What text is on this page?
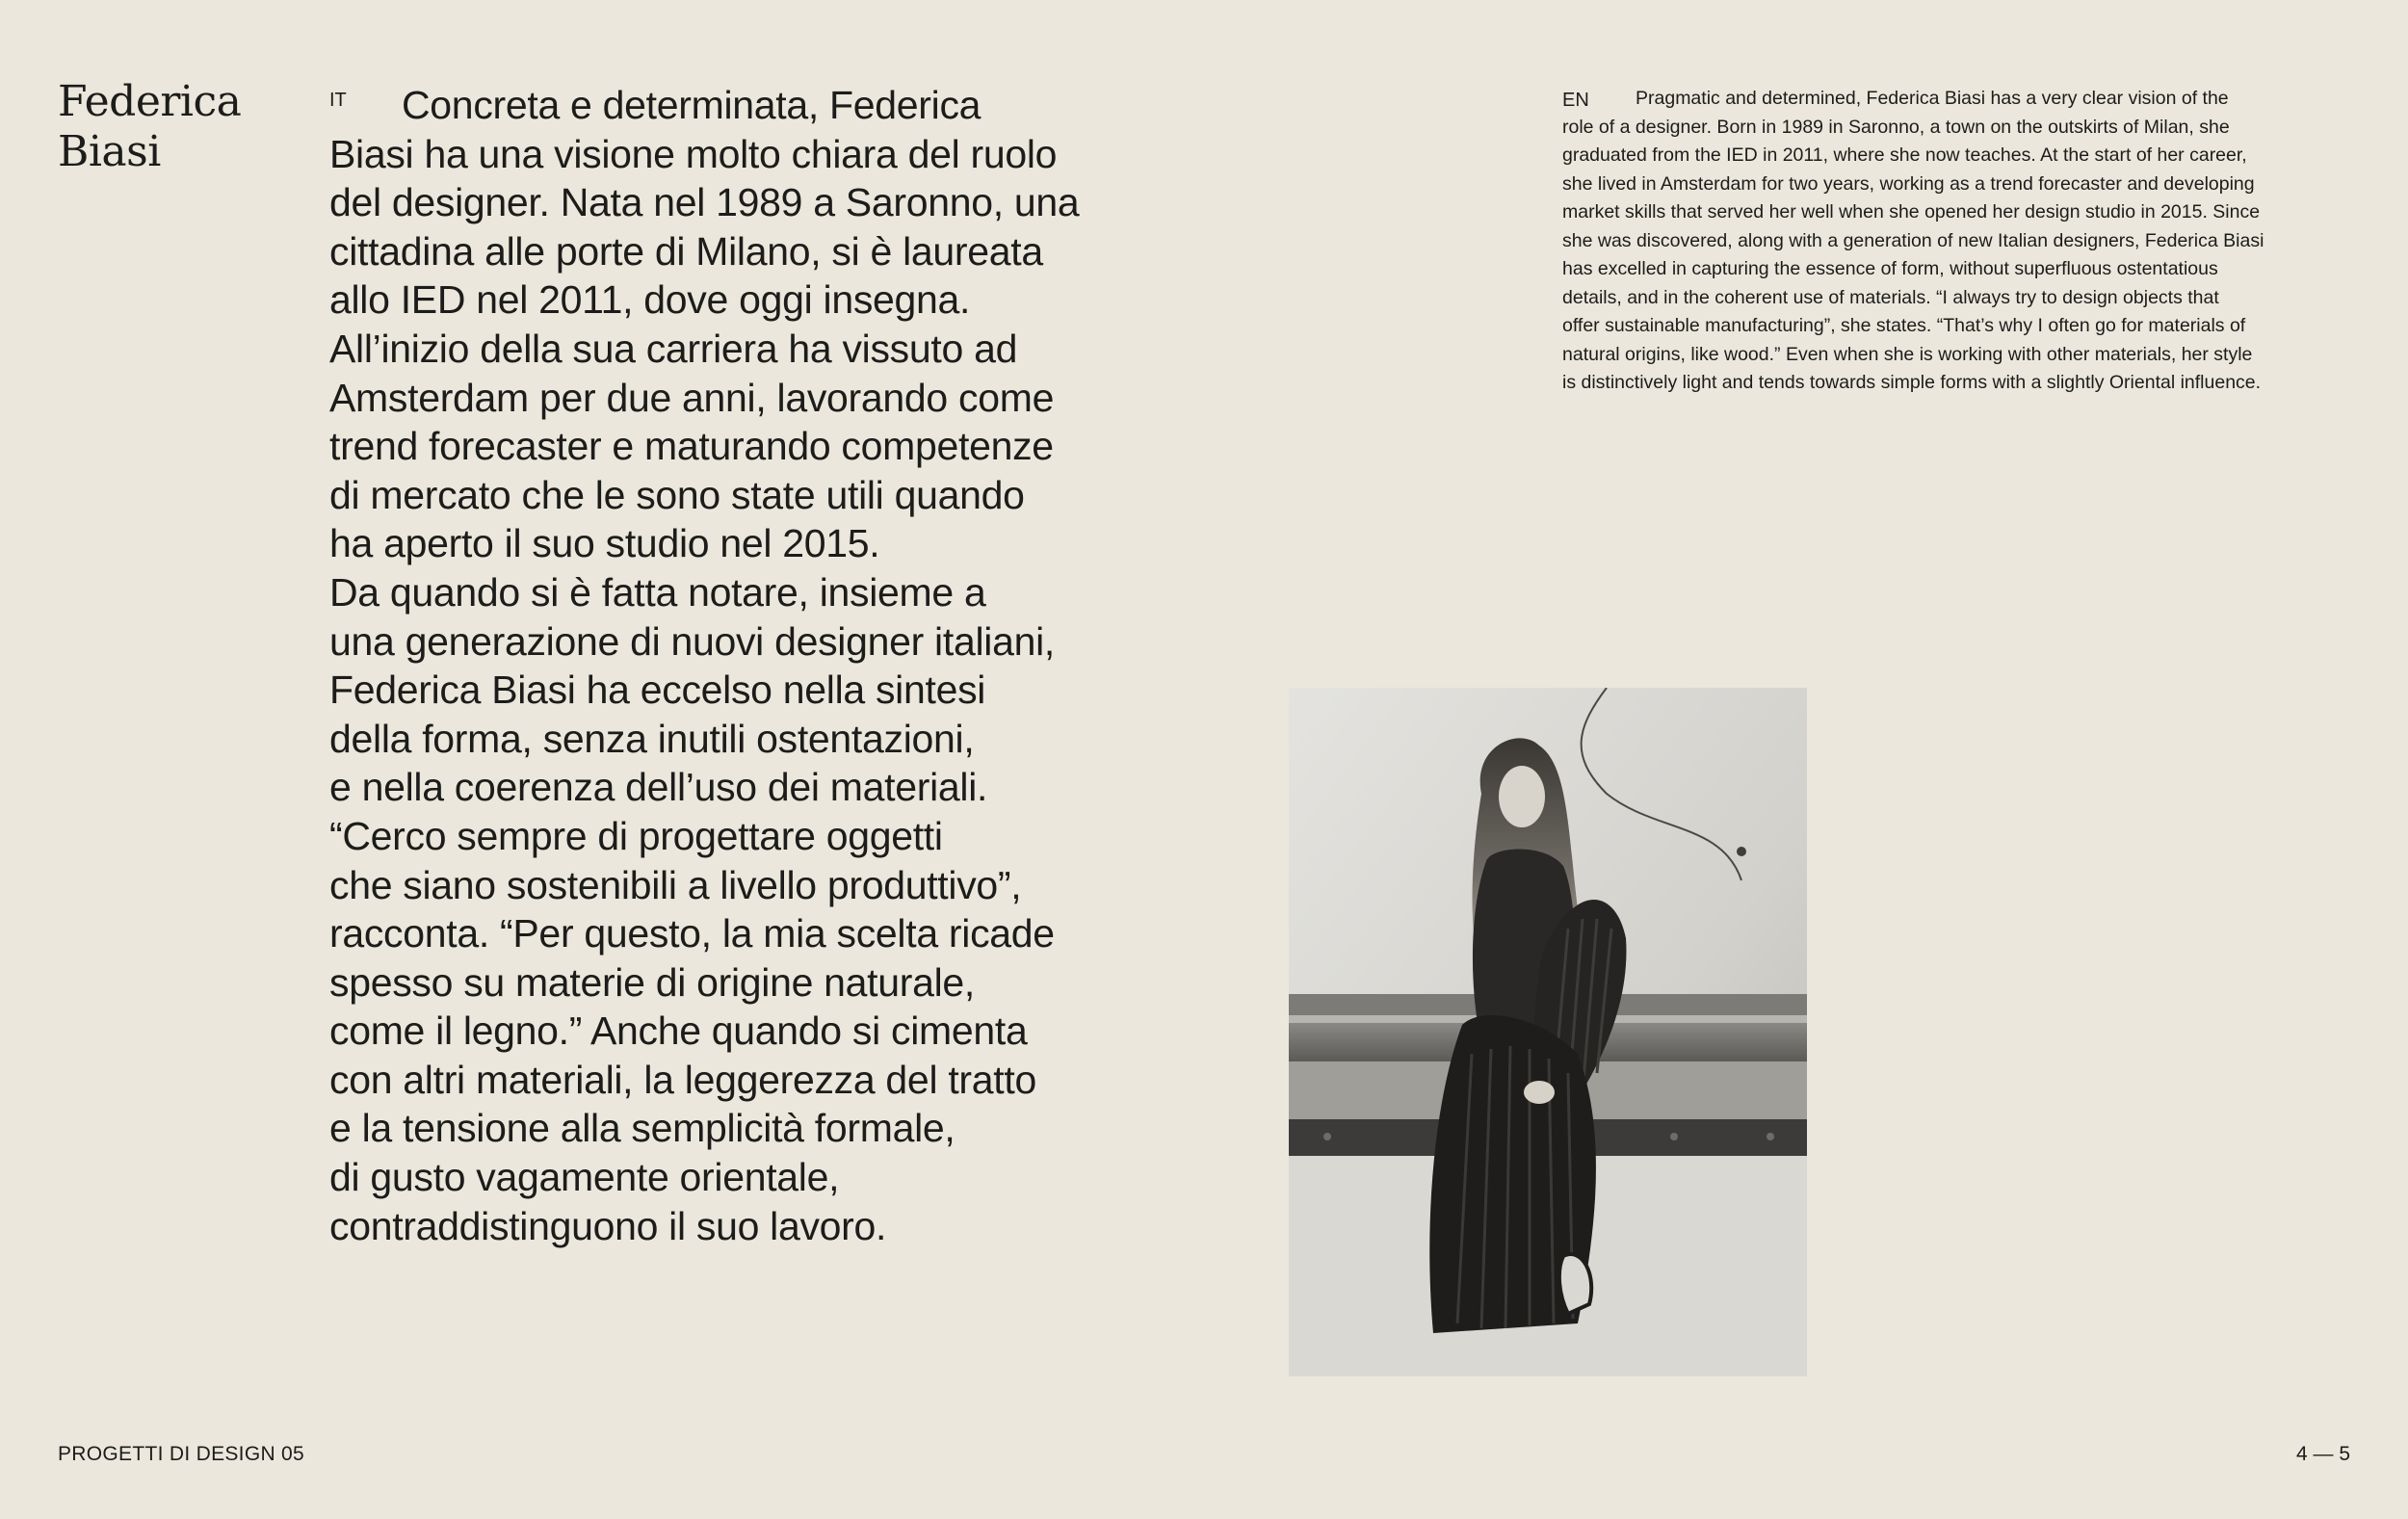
Federica
Biasi
IT	Concreta e determinata, Federica
Biasi ha una visione molto chiara del ruolo
del designer. Nata nel 1989 a Saronno, una
cittadina alle porte di Milano, si è laureata
allo IED nel 2011, dove oggi insegna.
All’inizio della sua carriera ha vissuto ad
Amsterdam per due anni, lavorando come
trend forecaster e maturando competenze
di mercato che le sono state utili quando
ha aperto il suo studio nel 2015.
Da quando si è fatta notare, insieme a
una generazione di nuovi designer italiani,
Federica Biasi ha eccelso nella sintesi
della forma, senza inutili ostentazioni,
e nella coerenza dell’uso dei materiali.
“Cerco sempre di progettare oggetti
che siano sostenibili a livello produttivo”,
racconta. “Per questo, la mia scelta ricade
spesso su materie di origine naturale,
come il legno.” Anche quando si cimenta
con altri materiali, la leggerezza del tratto
e la tensione alla semplicità formale,
di gusto vagamente orientale,
contraddistinguono il suo lavoro.
EN	Pragmatic and determined, Federica Biasi has a very clear vision of the
role of a designer. Born in 1989 in Saronno, a town on the outskirts of Milan, she
graduated from the IED in 2011, where she now teaches. At the start of her career,
she lived in Amsterdam for two years, working as a trend forecaster and developing
market skills that served her well when she opened her design studio in 2015. Since
she was discovered, along with a generation of new Italian designers, Federica Biasi
has excelled in capturing the essence of form, without superfluous ostentatious
details, and in the coherent use of materials. “I always try to design objects that
offer sustainable manufacturing”, she states. “That’s why I often go for materials of
natural origins, like wood.” Even when she is working with other materials, her style
is distinctively light and tends towards simple forms with a slightly Oriental influence.
PROGETTI DI DESIGN 05	4 — 5
